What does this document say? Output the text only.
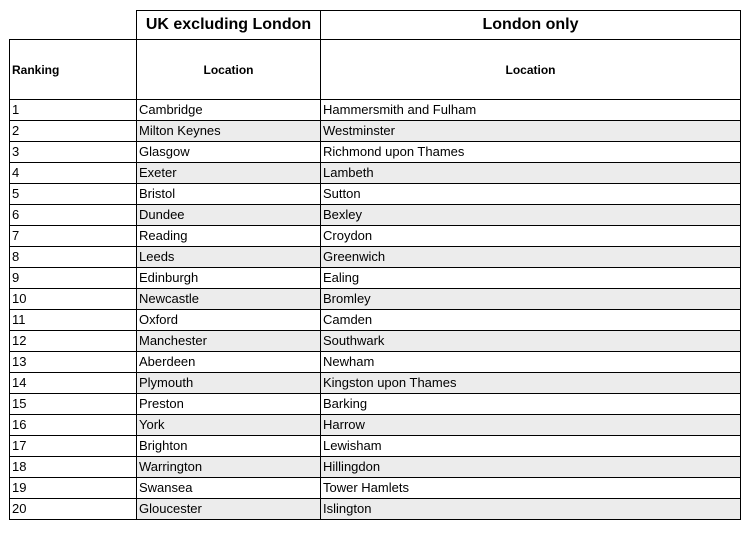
	UK excluding London	London only
Ranking	Location	Location
1	Cambridge	Hammersmith and Fulham
2	Milton Keynes	Westminster
3	Glasgow	Richmond upon Thames
4	Exeter	Lambeth
5	Bristol	Sutton
6	Dundee	Bexley
7	Reading	Croydon
8	Leeds	Greenwich
9	Edinburgh	Ealing
10	Newcastle	Bromley
11	Oxford	Camden
12	Manchester	Southwark
13	Aberdeen	Newham
14	Plymouth	Kingston upon Thames
15	Preston	Barking
16	York	Harrow
17	Brighton	Lewisham
18	Warrington	Hillingdon
19	Swansea	Tower Hamlets
20	Gloucester	Islington
